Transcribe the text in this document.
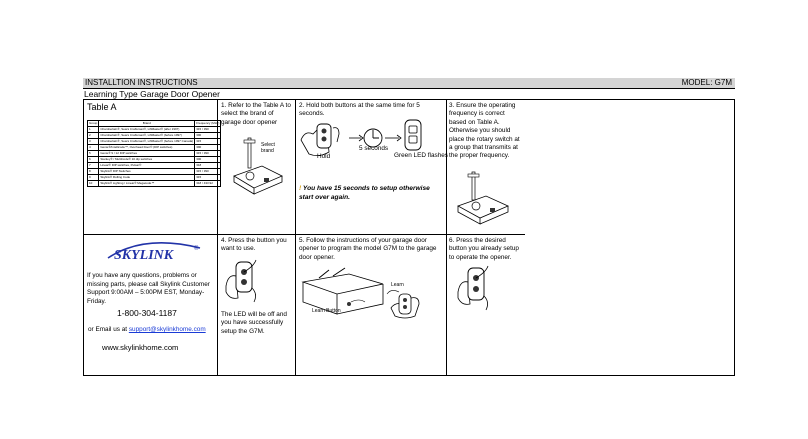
INSTALLTION INSTRUCTIONS	MODEL: G7M
Learning Type Garage Door Opener
Table A
Group	Brand	Frequency (MHz)
1	Chamberlain®, Sears Craftsman®, LiftMaster® (after 1997)	315 / 390
2	Chamberlain®, Sears Craftsman®, LiftMaster® (before 1997)	390
3	Chamberlain®, Sears Craftsman®, LiftMaster® (before 1997 Canada)	315
4	Genie®/Intellicode™, Overhead Door® (DIP switches)	390
5	Genie® 9 / 12 DIP switches	315 / 390
6	Stanley® / MultiCode® 10 dip switches	300
7	Linear® DIP switches, Pulsar®	318
8	Skylink® DIP Switches	315 / 390
9	Skylink® Rolling Code	315
10	Skylink® Lighting / Linear® Megacode™	318 / 433.92
1. Refer to the Table A to select the brand of garage door opener
Select brand
2. Hold both buttons at the same time for 5 seconds.
Hold
5 seconds
Green LED flashes
! You have 15 seconds to setup otherwise start over again.
3. Ensure the operating frequency is correct based on Table A. Otherwise you should place the rotary switch at a group that transmits at the proper frequency.
SKYLINK	®
If you have any questions, problems or missing parts, please call Skylink Customer Support 9:00AM – 5:00PM EST, Monday-Friday.
1-800-304-1187
or Email us at support@skylinkhome.com
www.skylinkhome.com
4. Press the button you want to use.
The LED will be off and you have successfully setup the G7M.
5. Follow the instructions of your garage door opener to program the model G7M to the garage door opener.
Learn
Learn Button
6. Press the desired button you already setup to operate the opener.
